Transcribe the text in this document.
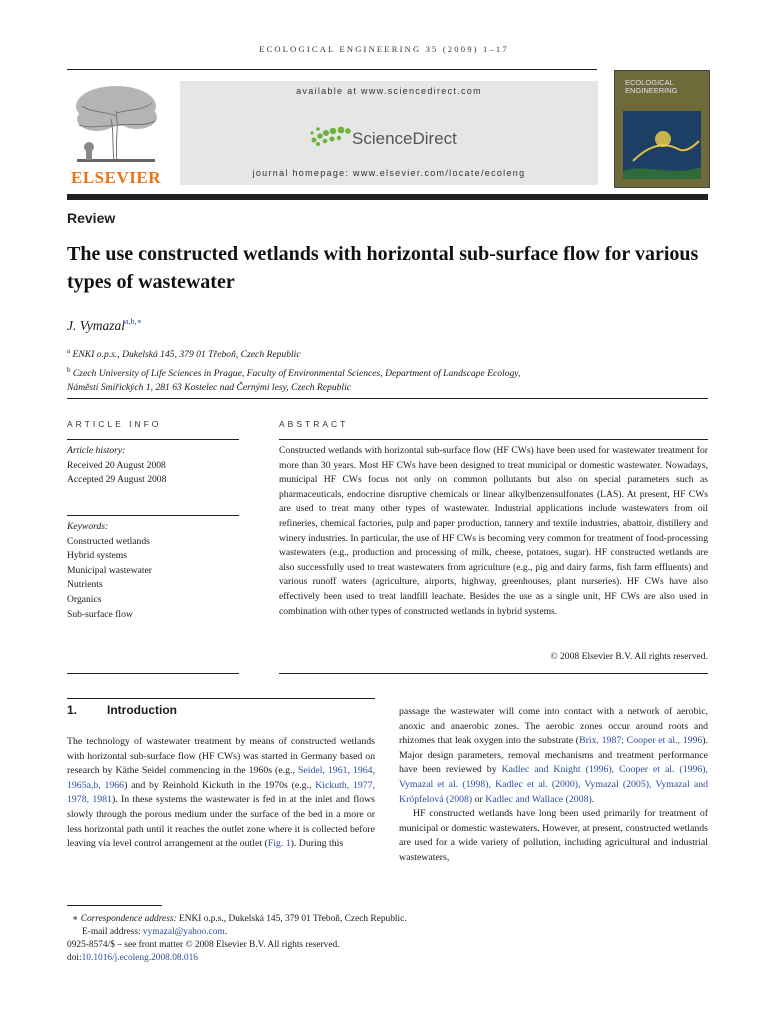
ECOLOGICAL ENGINEERING 35 (2009) 1–17
ELSEVIER
available at www.sciencedirect.com
ScienceDirect
journal homepage: www.elsevier.com/locate/ecoleng
ECOLOGICAL ENGINEERING
Review
The use constructed wetlands with horizontal sub-surface flow for various types of wastewater
J. Vymazal$^{a,b,∗}$
$^a$ ENKI o.p.s., Dukelská 145, 379 01 Třeboň, Czech Republic
$^b$ Czech University of Life Sciences in Prague, Faculty of Environmental Sciences, Department of Landscape Ecology,
Náměstí Smiřických 1, 281 63 Kostelec nad Černými lesy, Czech Republic
ARTICLE INFO
Article history:
Received 20 August 2008
Accepted 29 August 2008
Keywords:
Constructed wetlands
Hybrid systems
Municipal wastewater
Nutrients
Organics
Sub-surface flow
ABSTRACT
Constructed wetlands with horizontal sub-surface flow (HF CWs) have been used for wastewater treatment for more than 30 years. Most HF CWs have been designed to treat municipal or domestic wastewater. Nowadays, municipal HF CWs focus not only on common pollutants but also on special parameters such as pharmaceuticals, endocrine disruptive chemicals or linear alkylbenzensulfonates (LAS). At present, HF CWs are used to treat many other types of wastewater. Industrial applications include wastewaters from oil refineries, chemical factories, pulp and paper production, tannery and textile industries, abattoir, distillery and winery industries. In particular, the use of HF CWs is becoming very common for treatment of food-processing wastewaters (e.g., production and processing of milk, cheese, potatoes, sugar). HF constructed wetlands are also successfully used to treat wastewaters from agriculture (e.g., pig and dairy farms, fish farm effluents) and various runoff waters (agriculture, airports, highway, greenhouses, plant nurseries). HF CWs have also effectively been used to treat landfill leachate. Besides the use as a single unit, HF CWs are also used in combination with other types of constructed wetlands in hybrid systems.
© 2008 Elsevier B.V. All rights reserved.
1. Introduction
The technology of wastewater treatment by means of constructed wetlands with horizontal sub-surface flow (HF CWs) was started in Germany based on research by Käthe Seidel commencing in the 1960s (e.g., Seidel, 1961, 1964, 1965a,b, 1966) and by Reinhold Kickuth in the 1970s (e.g., Kickuth, 1977, 1978, 1981). In these systems the wastewater is fed in at the inlet and flows slowly through the porous medium under the surface of the bed in a more or less horizontal path until it reaches the outlet zone where it is collected before leaving via level control arrangement at the outlet (Fig. 1). During this
passage the wastewater will come into contact with a network of aerobic, anoxic and anaerobic zones. The aerobic zones occur around roots and rhizomes that leak oxygen into the substrate (Brix, 1987; Cooper et al., 1996). Major design parameters, removal mechanisms and treatment performance have been reviewed by Kadlec and Knight (1996), Cooper et al. (1996), Vymazal et al. (1998), Kadlec et al. (2000), Vymazal (2005), Vymazal and Kröpfelová (2008) or Kadlec and Wallace (2008).
HF constructed wetlands have long been used primarily for treatment of municipal or domestic wastewaters. However, at present, constructed wetlands are used for a wide variety of pollution, including agricultural and industrial wastewaters,
∗ Correspondence address: ENKI o.p.s., Dukelská 145, 379 01 Třeboň, Czech Republic.
E-mail address: vymazal@yahoo.com.
0925-8574/$ – see front matter © 2008 Elsevier B.V. All rights reserved.
doi:10.1016/j.ecoleng.2008.08.016
